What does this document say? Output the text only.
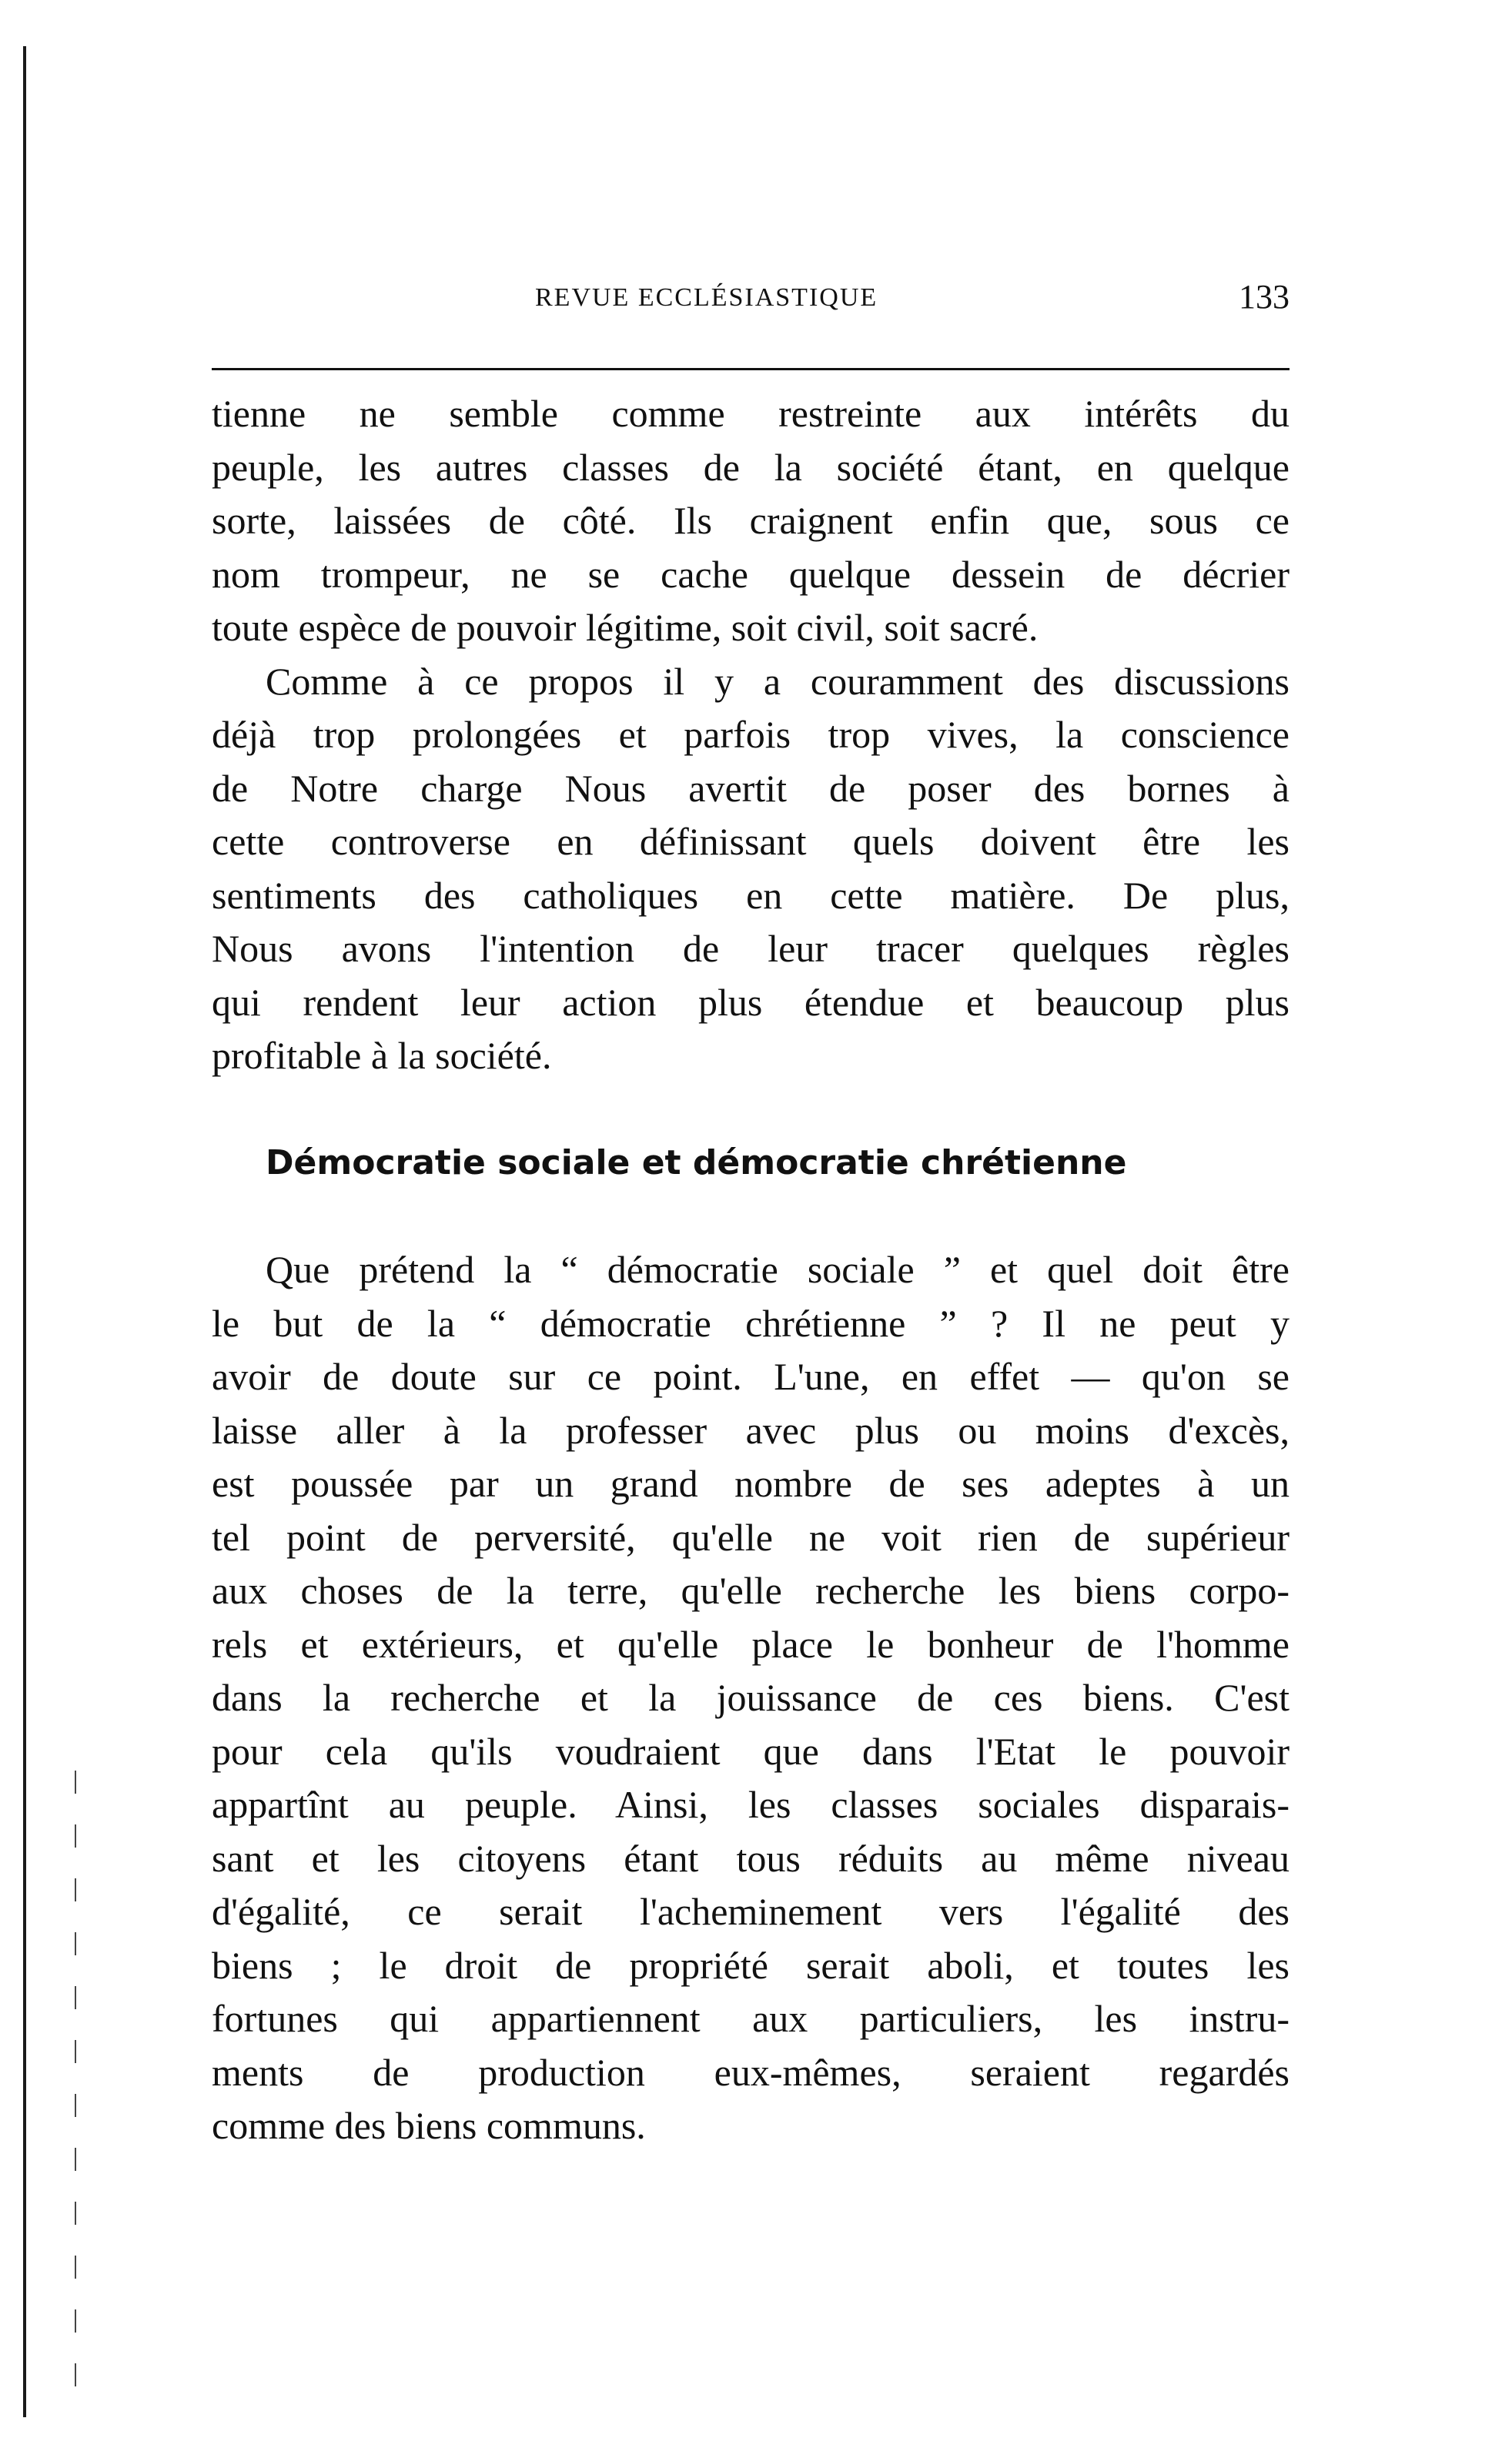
REVUE ECCLÉSIASTIQUE	133
tienne ne semble comme restreinte aux intérêts du
peuple, les autres classes de la société étant, en quelque
sorte, laissées de côté. Ils craignent enfin que, sous ce
nom trompeur, ne se cache quelque dessein de décrier
toute espèce de pouvoir légitime, soit civil, soit sacré.
Comme à ce propos il y a couramment des discussions
déjà trop prolongées et parfois trop vives, la conscience
de Notre charge Nous avertit de poser des bornes à
cette controverse en définissant quels doivent être les
sentiments des catholiques en cette matière. De plus,
Nous avons l'intention de leur tracer quelques règles
qui rendent leur action plus étendue et beaucoup plus
profitable à la société.
Démocratie sociale et démocratie chrétienne
Que prétend la “ démocratie sociale ” et quel doit être
le but de la “ démocratie chrétienne ” ? Il ne peut y
avoir de doute sur ce point. L'une, en effet — qu'on se
laisse aller à la professer avec plus ou moins d'excès,
est poussée par un grand nombre de ses adeptes à un
tel point de perversité, qu'elle ne voit rien de supérieur
aux choses de la terre, qu'elle recherche les biens corpo-
rels et extérieurs, et qu'elle place le bonheur de l'homme
dans la recherche et la jouissance de ces biens. C'est
pour cela qu'ils voudraient que dans l'Etat le pouvoir
appartînt au peuple. Ainsi, les classes sociales disparais-
sant et les citoyens étant tous réduits au même niveau
d'égalité, ce serait l'acheminement vers l'égalité des
biens ; le droit de propriété serait aboli, et toutes les
fortunes qui appartiennent aux particuliers, les instru-
ments de production eux-mêmes, seraient regardés
comme des biens communs.
